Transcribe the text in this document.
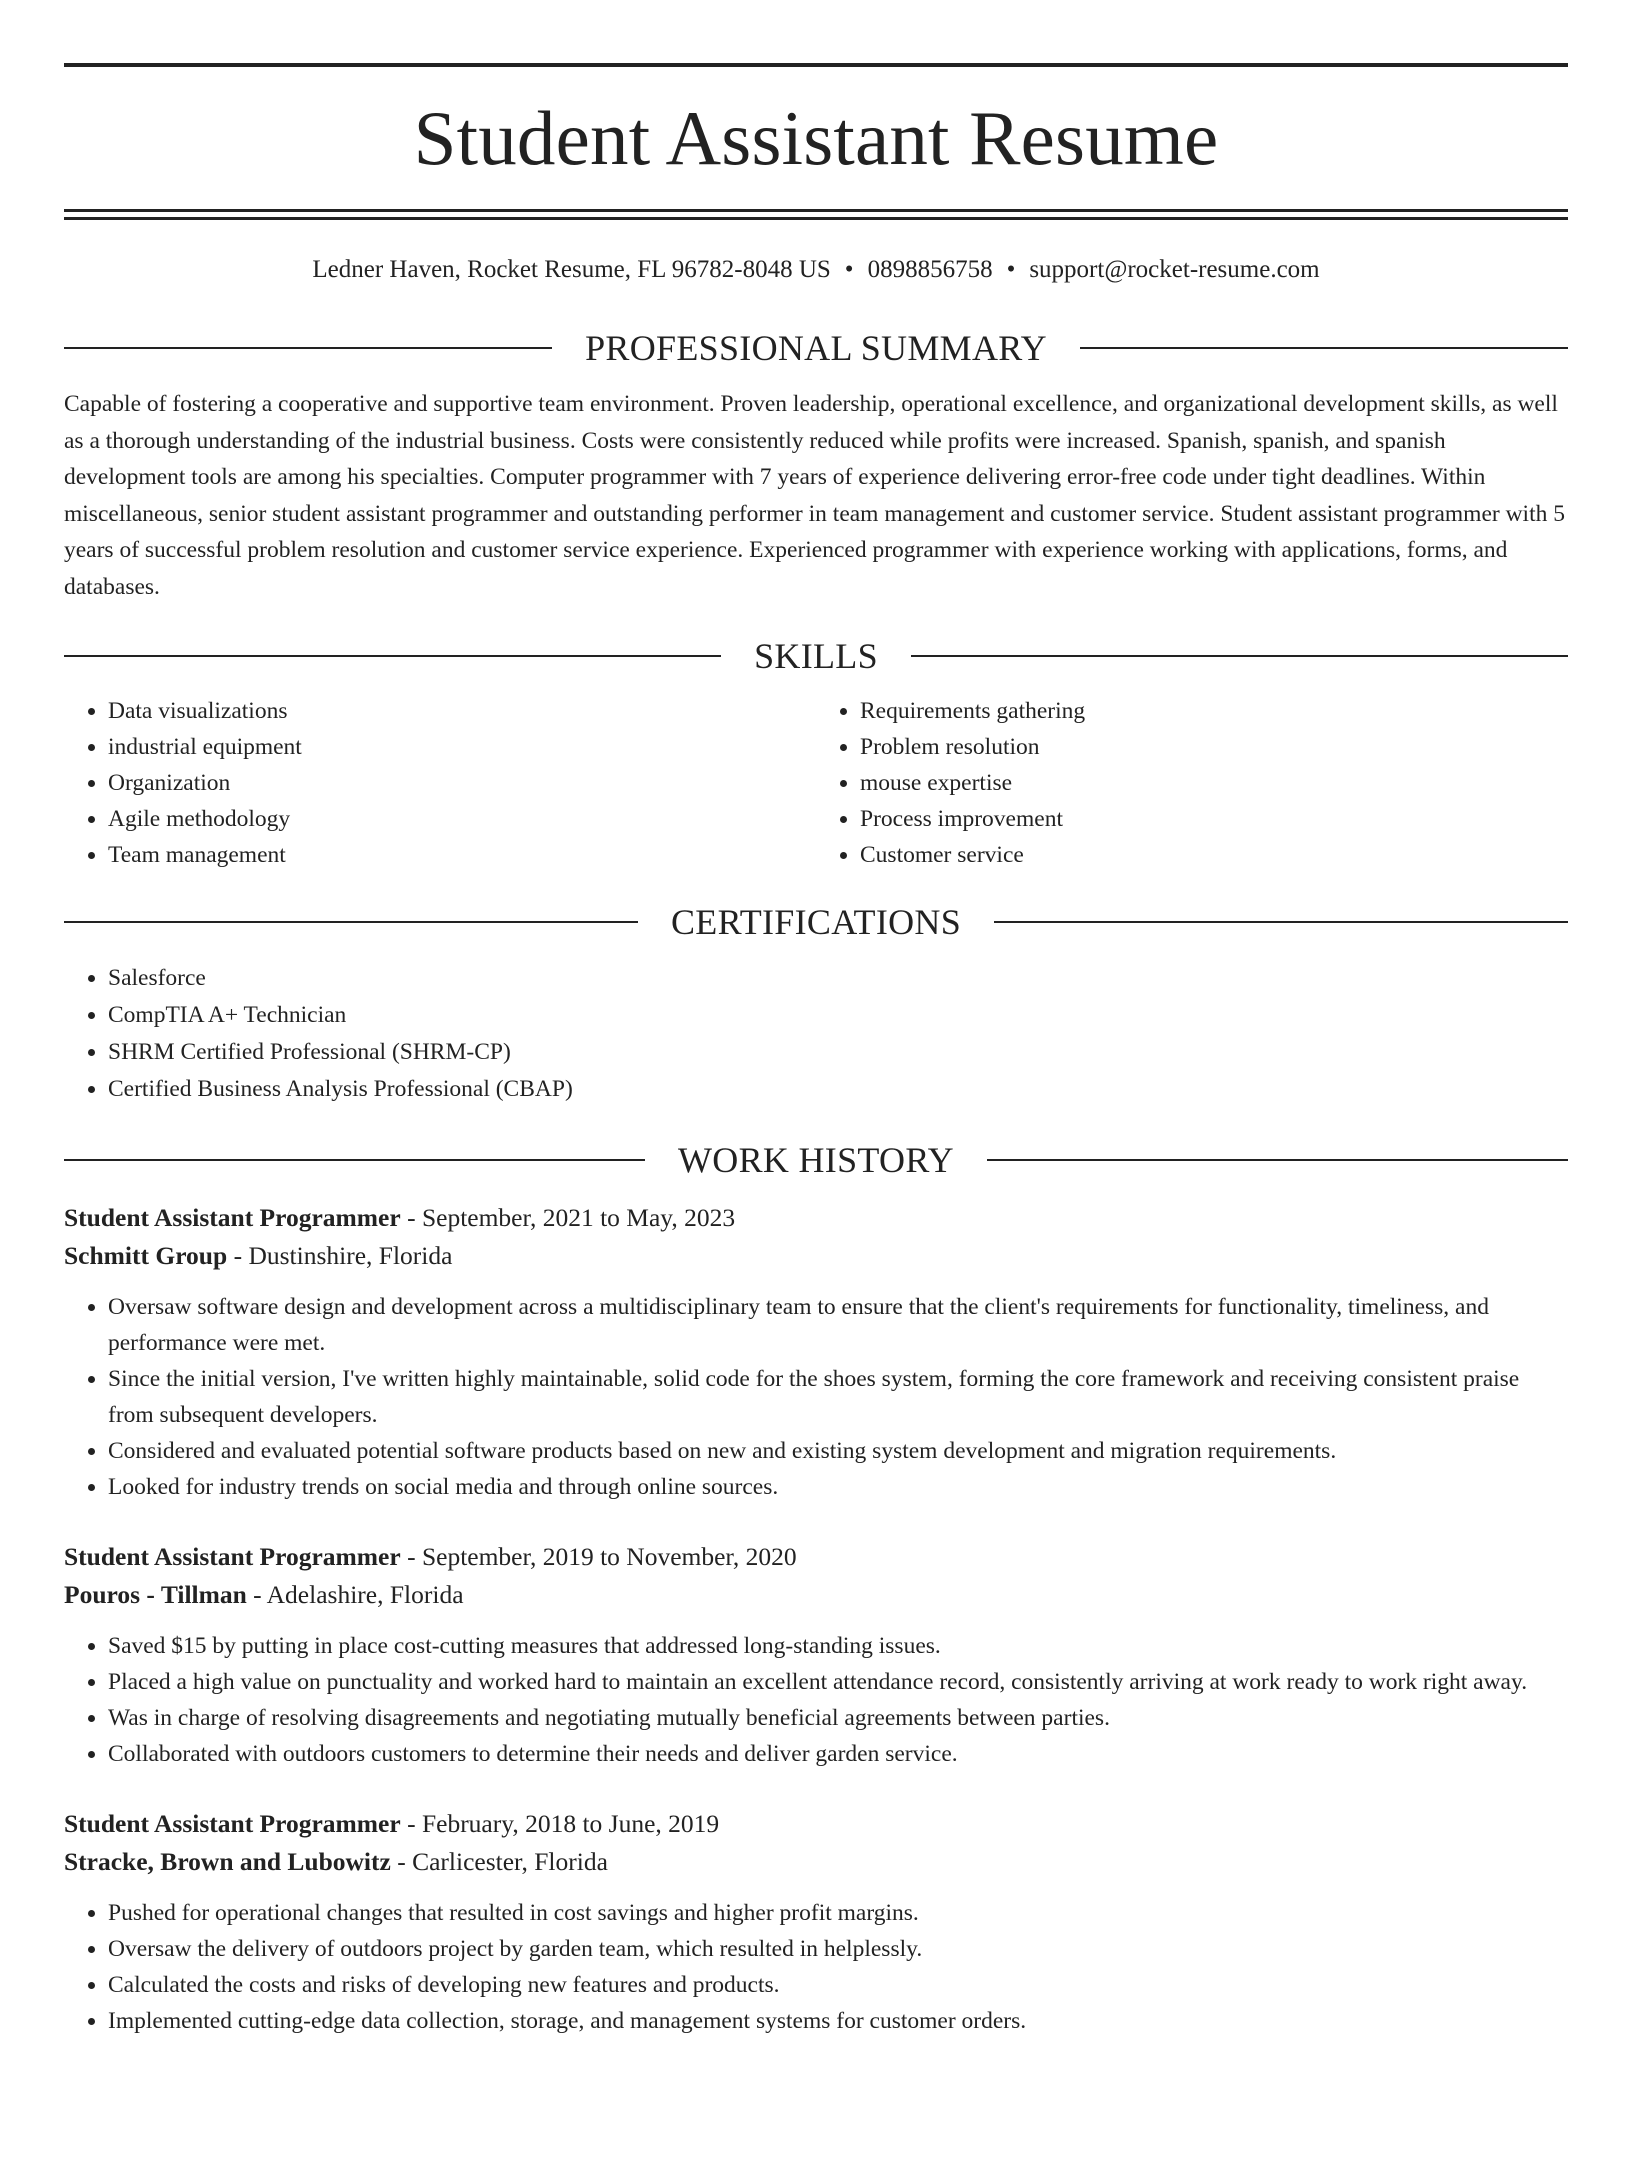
Student Assistant Resume
Ledner Haven, Rocket Resume, FL 96782-8048 US • 0898856758 • support@rocket-resume.com
PROFESSIONAL SUMMARY

Capable of fostering a cooperative and supportive team environment. Proven leadership, operational excellence, and organizational development skills, as well as a thorough understanding of the industrial business. Costs were consistently reduced while profits were increased. Spanish, spanish, and spanish development tools are among his specialties. Computer programmer with 7 years of experience delivering error-free code under tight deadlines. Within miscellaneous, senior student assistant programmer and outstanding performer in team management and customer service. Student assistant programmer with 5 years of successful problem resolution and customer service experience. Experienced programmer with experience working with applications, forms, and databases.

SKILLS
• Data visualizations
• industrial equipment
• Organization
• Agile methodology
• Team management
• Requirements gathering
• Problem resolution
• mouse expertise
• Process improvement
• Customer service
CERTIFICATIONS
• Salesforce
• CompTIA A+ Technician
• SHRM Certified Professional (SHRM-CP)
• Certified Business Analysis Professional (CBAP)
WORK HISTORY
Student Assistant Programmer - September, 2021 to May, 2023
Schmitt Group - Dustinshire, Florida
• Oversaw software design and development across a multidisciplinary team to ensure that the client's requirements for functionality, timeliness, and performance were met.
• Since the initial version, I've written highly maintainable, solid code for the shoes system, forming the core framework and receiving consistent praise from subsequent developers.
• Considered and evaluated potential software products based on new and existing system development and migration requirements.
• Looked for industry trends on social media and through online sources.
Student Assistant Programmer - September, 2019 to November, 2020
Pouros - Tillman - Adelashire, Florida
• Saved $15 by putting in place cost-cutting measures that addressed long-standing issues.
• Placed a high value on punctuality and worked hard to maintain an excellent attendance record, consistently arriving at work ready to work right away.
• Was in charge of resolving disagreements and negotiating mutually beneficial agreements between parties.
• Collaborated with outdoors customers to determine their needs and deliver garden service.
Student Assistant Programmer - February, 2018 to June, 2019
Stracke, Brown and Lubowitz - Carlicester, Florida
• Pushed for operational changes that resulted in cost savings and higher profit margins.
• Oversaw the delivery of outdoors project by garden team, which resulted in helplessly.
• Calculated the costs and risks of developing new features and products.
• Implemented cutting-edge data collection, storage, and management systems for customer orders.
